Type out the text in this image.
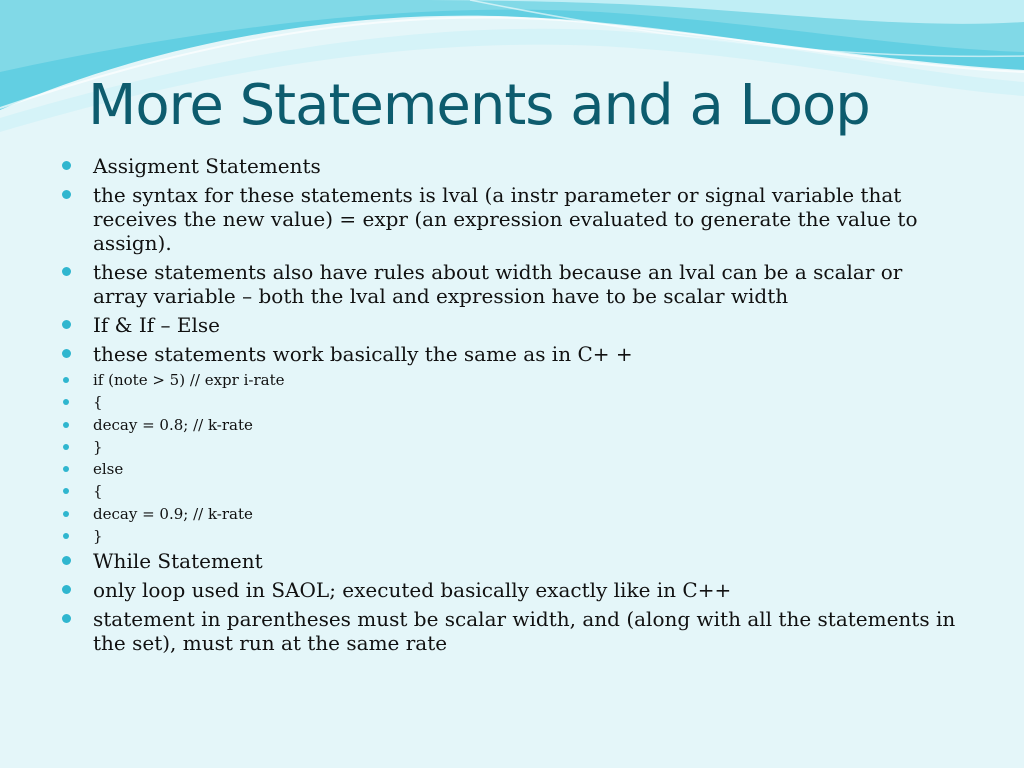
More Statements and a Loop
Assigment Statements
the syntax for these statements is lval (a instr parameter or signal variable that receives the new value) = expr (an expression evaluated to generate the value to assign).
these statements also have rules about width because an lval can be a scalar or array variable – both the lval and expression have to be scalar width
If & If – Else
these statements work basically the same as in C+ +
if (note > 5) // expr i-rate
{
decay = 0.8; // k-rate
}
else
{
decay = 0.9; // k-rate
}
While Statement
only loop used in SAOL; executed basically exactly like in C++
statement in parentheses must be scalar width, and (along with all the statements in the set), must run at the same rate
